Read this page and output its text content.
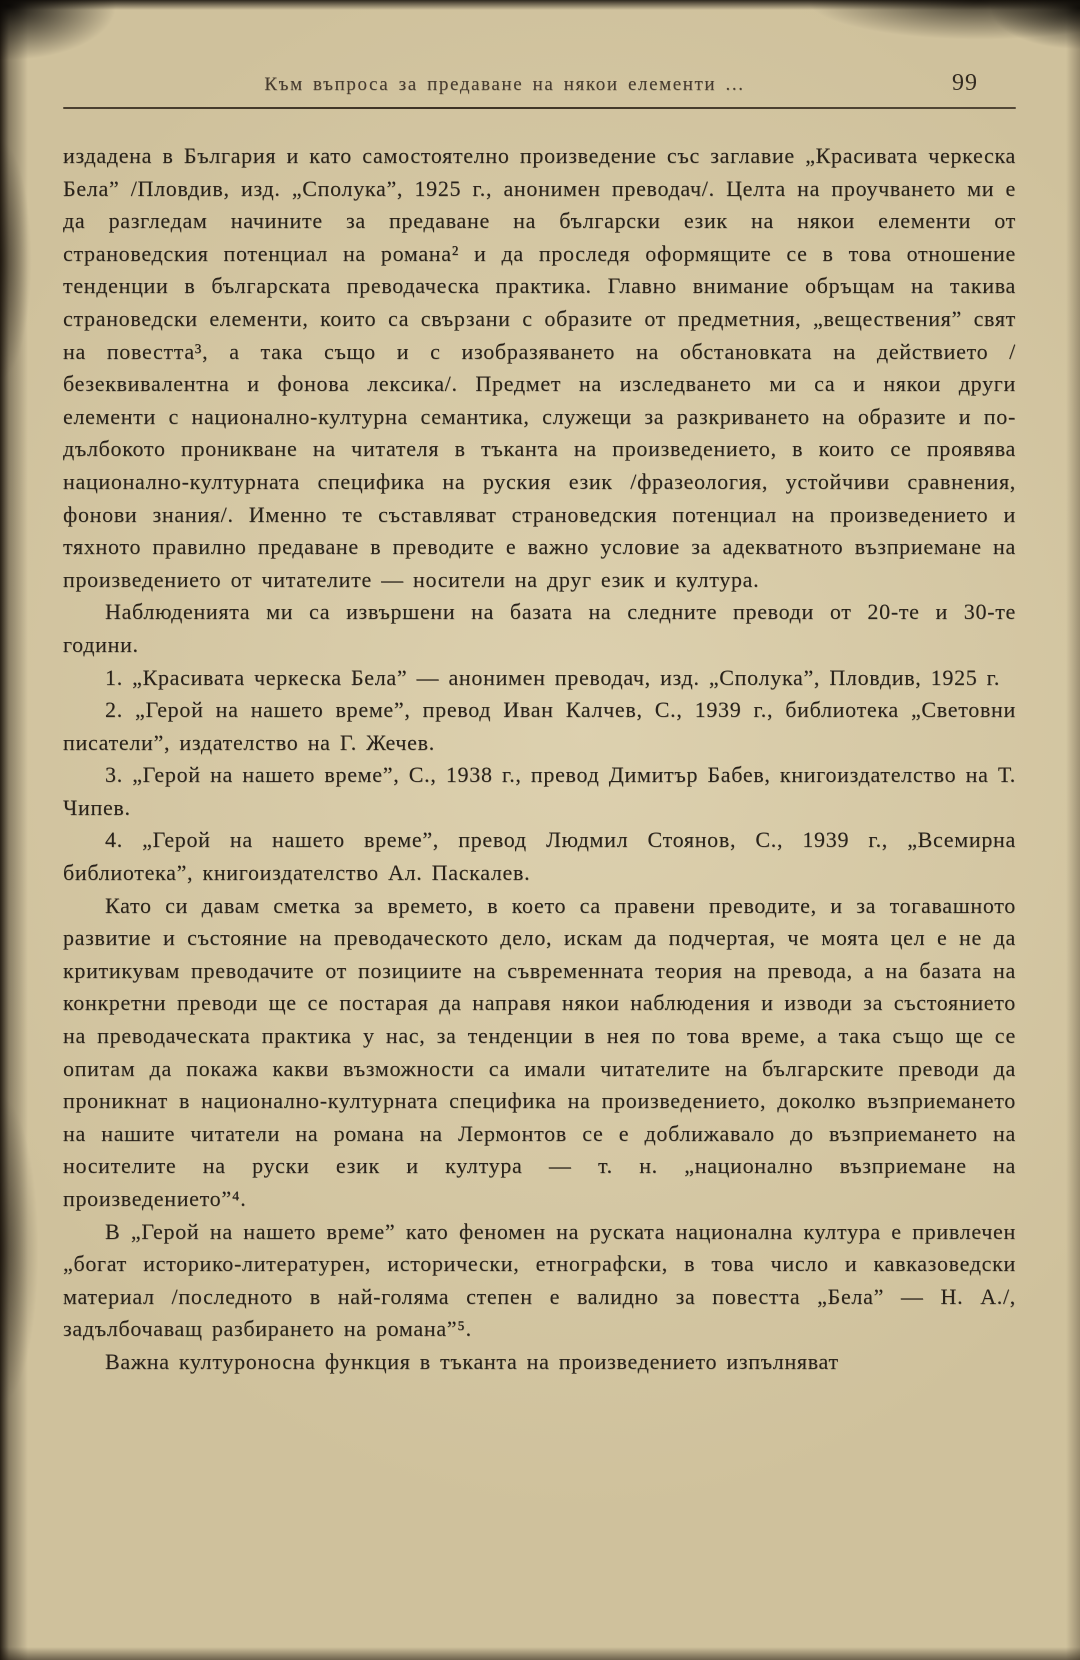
Към въпроса за предаване на някои елементи ...	99

издадена в България и като самостоятелно произведение със заглавие „Красивата черкеска Бела” /Пловдив, изд. „Сполука”, 1925 г., анонимен преводач/. Целта на проучването ми е да разгледам начините за предаване на български език на някои елементи от страноведския потенциал на романа² и да проследя оформящите се в това отношение тенденции в българската преводаческа практика. Главно внимание обръщам на такива страноведски елементи, които са свързани с образите от предметния, „веществения” свят на повестта³, а така също и с изобразяването на обстановката на действието /безеквивалентна и фонова лексика/. Предмет на изследването ми са и някои други елементи с национално-културна семантика, служещи за разкриването на образите и по-дълбокото проникване на читателя в тъканта на произведението, в които се проявява национално-културната специфика на руския език /фразеология, устойчиви сравнения, фонови знания/. Именно те съставляват страноведския потенциал на произведението и тяхното правилно предаване в преводите е важно условие за адекватното възприемане на произведението от читателите — носители на друг език и култура.

Наблюденията ми са извършени на базата на следните преводи от 20-те и 30-те години.

1. „Красивата черкеска Бела” — анонимен преводач, изд. „Сполука”, Пловдив, 1925 г.

2. „Герой на нашето време”, превод Иван Калчев, С., 1939 г., библиотека „Световни писатели”, издателство на Г. Жечев.

3. „Герой на нашето време”, С., 1938 г., превод Димитър Бабев, книгоиздателство на Т. Чипев.

4. „Герой на нашето време”, превод Людмил Стоянов, С., 1939 г., „Всемирна библиотека”, книгоиздателство Ал. Паскалев.

Като си давам сметка за времето, в което са правени преводите, и за тогавашното развитие и състояние на преводаческото дело, искам да подчертая, че моята цел е не да критикувам преводачите от позициите на съвременната теория на превода, а на базата на конкретни преводи ще се постарая да направя някои наблюдения и изводи за състоянието на преводаческата практика у нас, за тенденции в нея по това време, а така също ще се опитам да покажа какви възможности са имали читателите на българските преводи да проникнат в национално-културната специфика на произведението, доколко възприемането на нашите читатели на романа на Лермонтов се е доближавало до възприемането на носителите на руски език и култура — т. н. „национално възприемане на произведението”⁴.

В „Герой на нашето време” като феномен на руската национална култура е привлечен „богат историко-литературен, исторически, етнографски, в това число и кавказоведски материал /последното в най-голяма степен е валидно за повестта „Бела” — Н. А./, задълбочаващ разбирането на романа”⁵.

Важна културоносна функция в тъканта на произведението изпълняват
